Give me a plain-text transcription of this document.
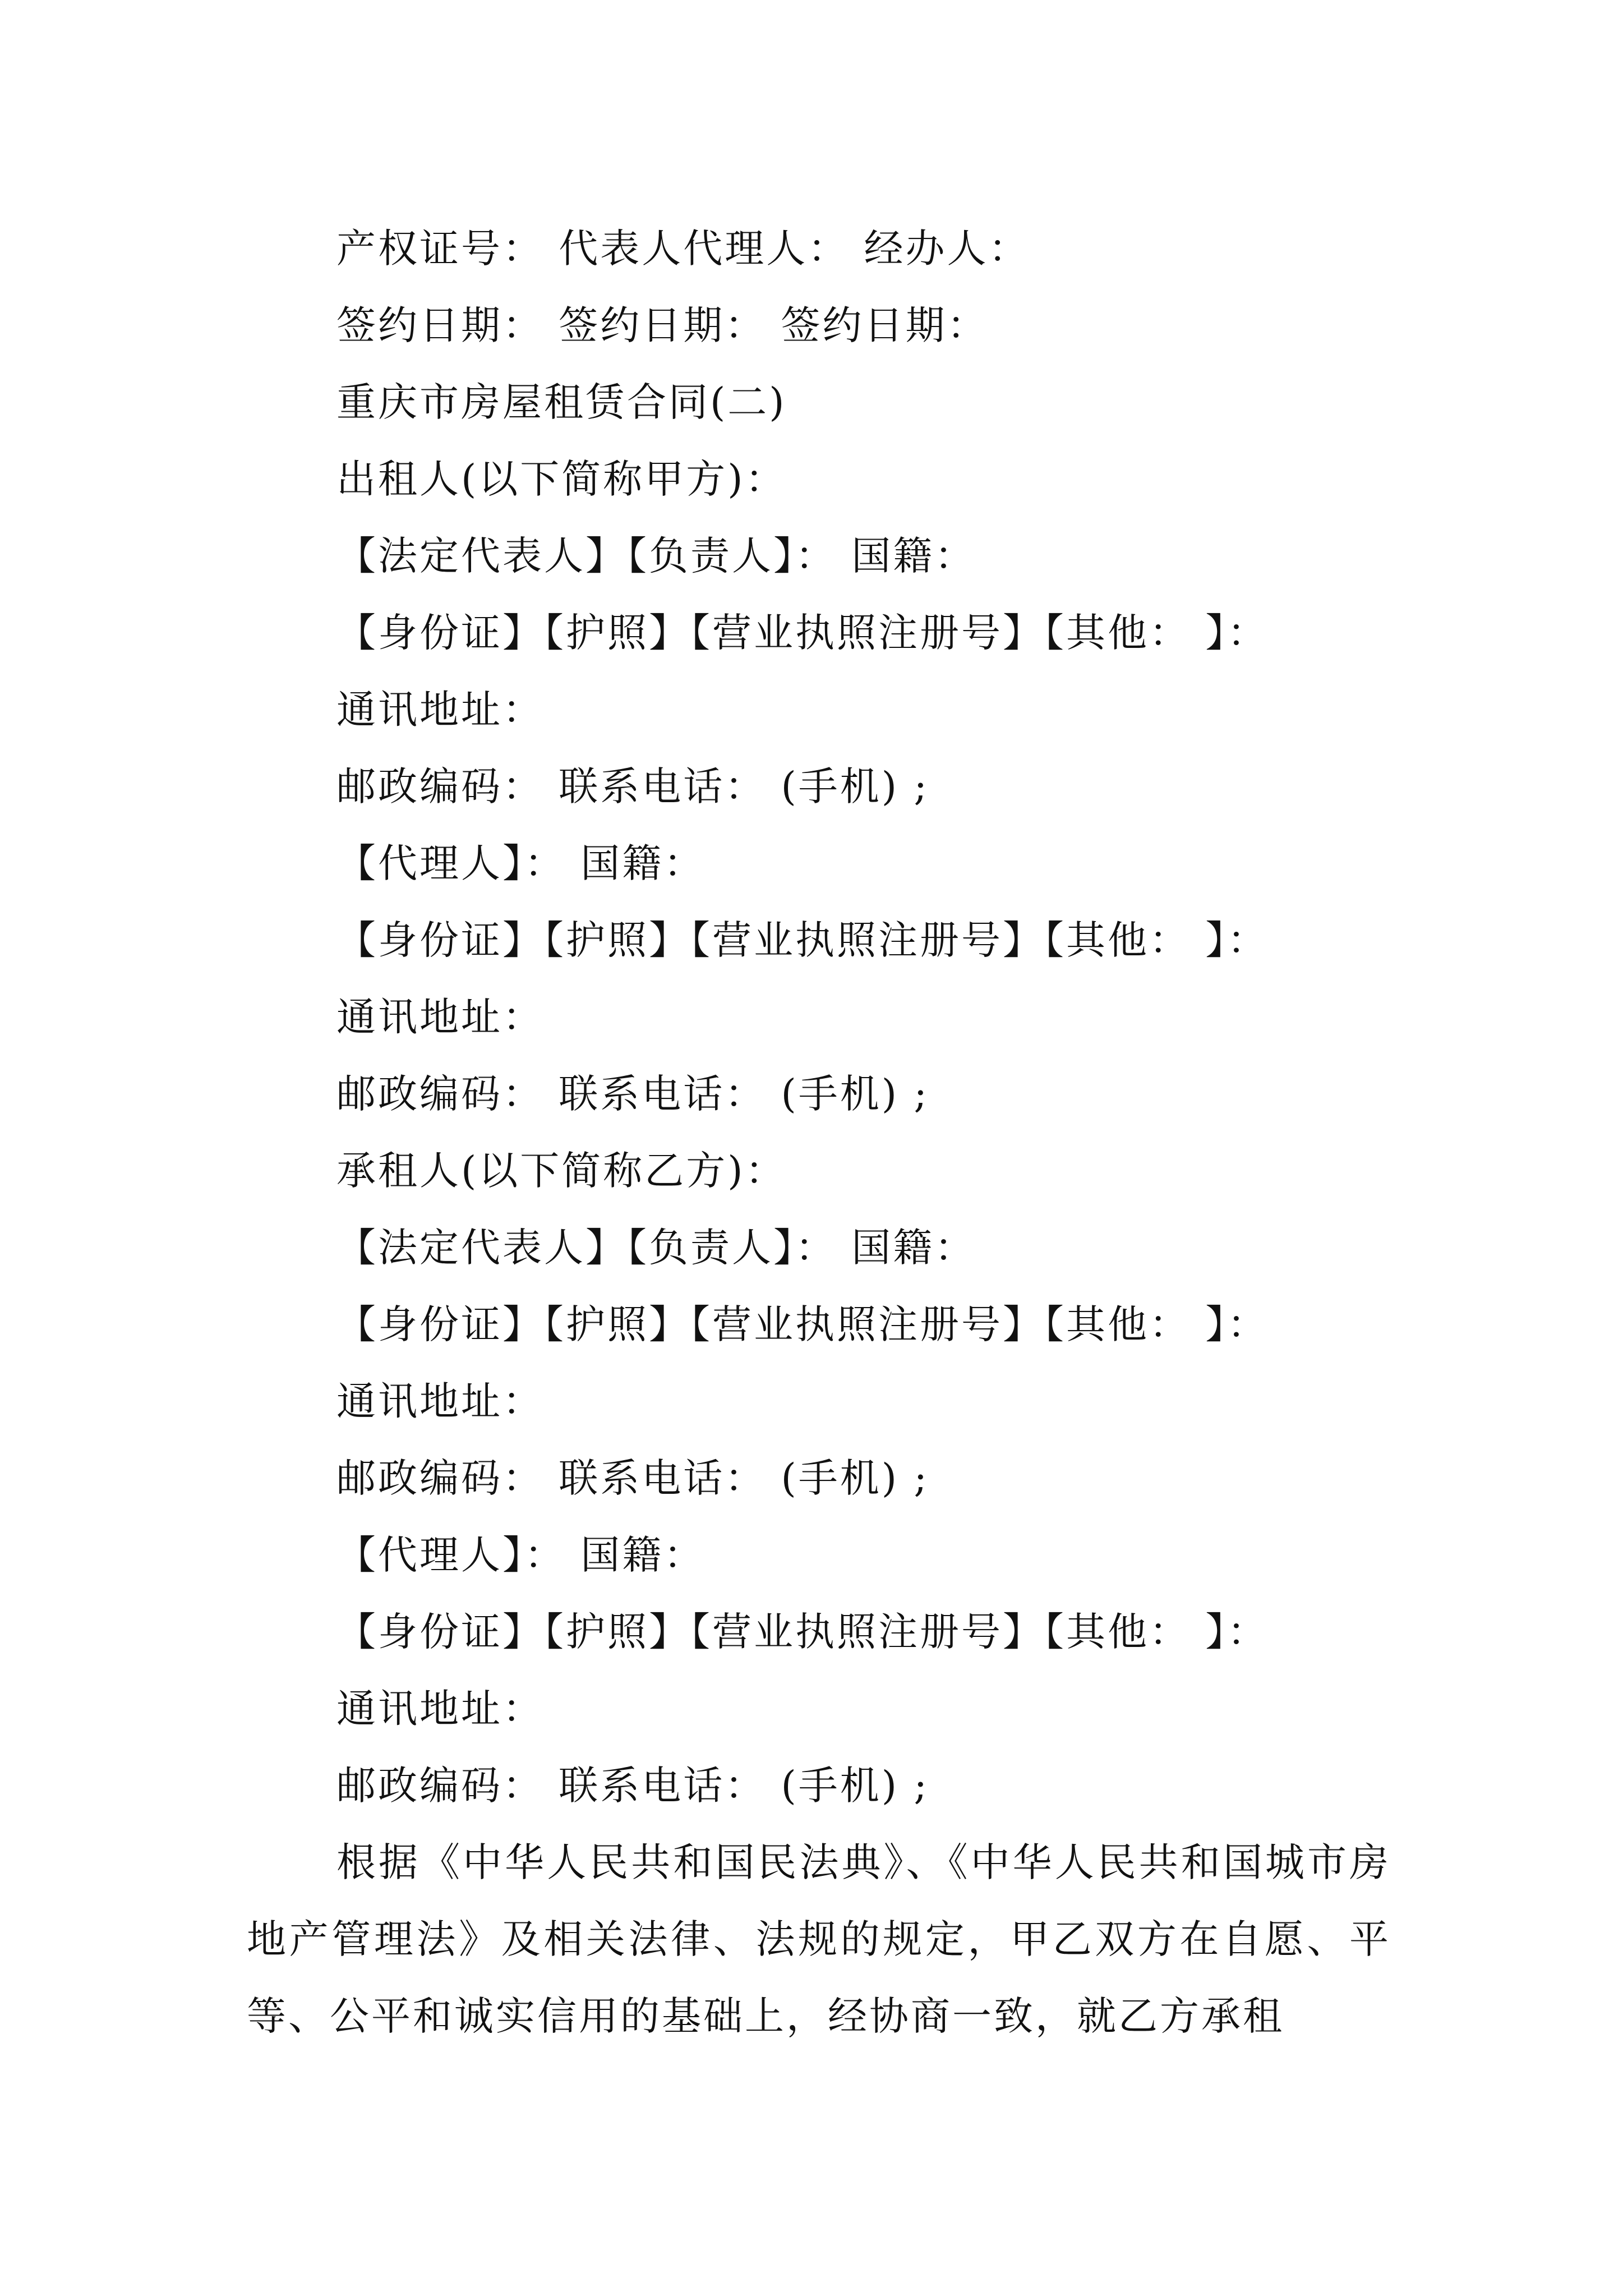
产权证号： 代表人代理人： 经办人：
签约日期： 签约日期： 签约日期：
重庆市房屋租赁合同(二)
出租人(以下简称甲方)：
【法定代表人】【负责人】： 国籍：
【身份证】【护照】【营业执照注册号】【其他： 】：
通讯地址：
邮政编码： 联系电话： (手机) ;
【代理人】： 国籍：
【身份证】【护照】【营业执照注册号】【其他： 】：
通讯地址：
邮政编码： 联系电话： (手机) ;
承租人(以下简称乙方)：
【法定代表人】【负责人】： 国籍：
【身份证】【护照】【营业执照注册号】【其他： 】：
通讯地址：
邮政编码： 联系电话： (手机) ;
【代理人】： 国籍：
【身份证】【护照】【营业执照注册号】【其他： 】：
通讯地址：
邮政编码： 联系电话： (手机) ;

根据《中华人民共和国民法典》、《中华人民共和国城市房地产管理法》及相关法律、法规的规定，甲乙双方在自愿、平等、公平和诚实信用的基础上，经协商一致，就乙方承租
